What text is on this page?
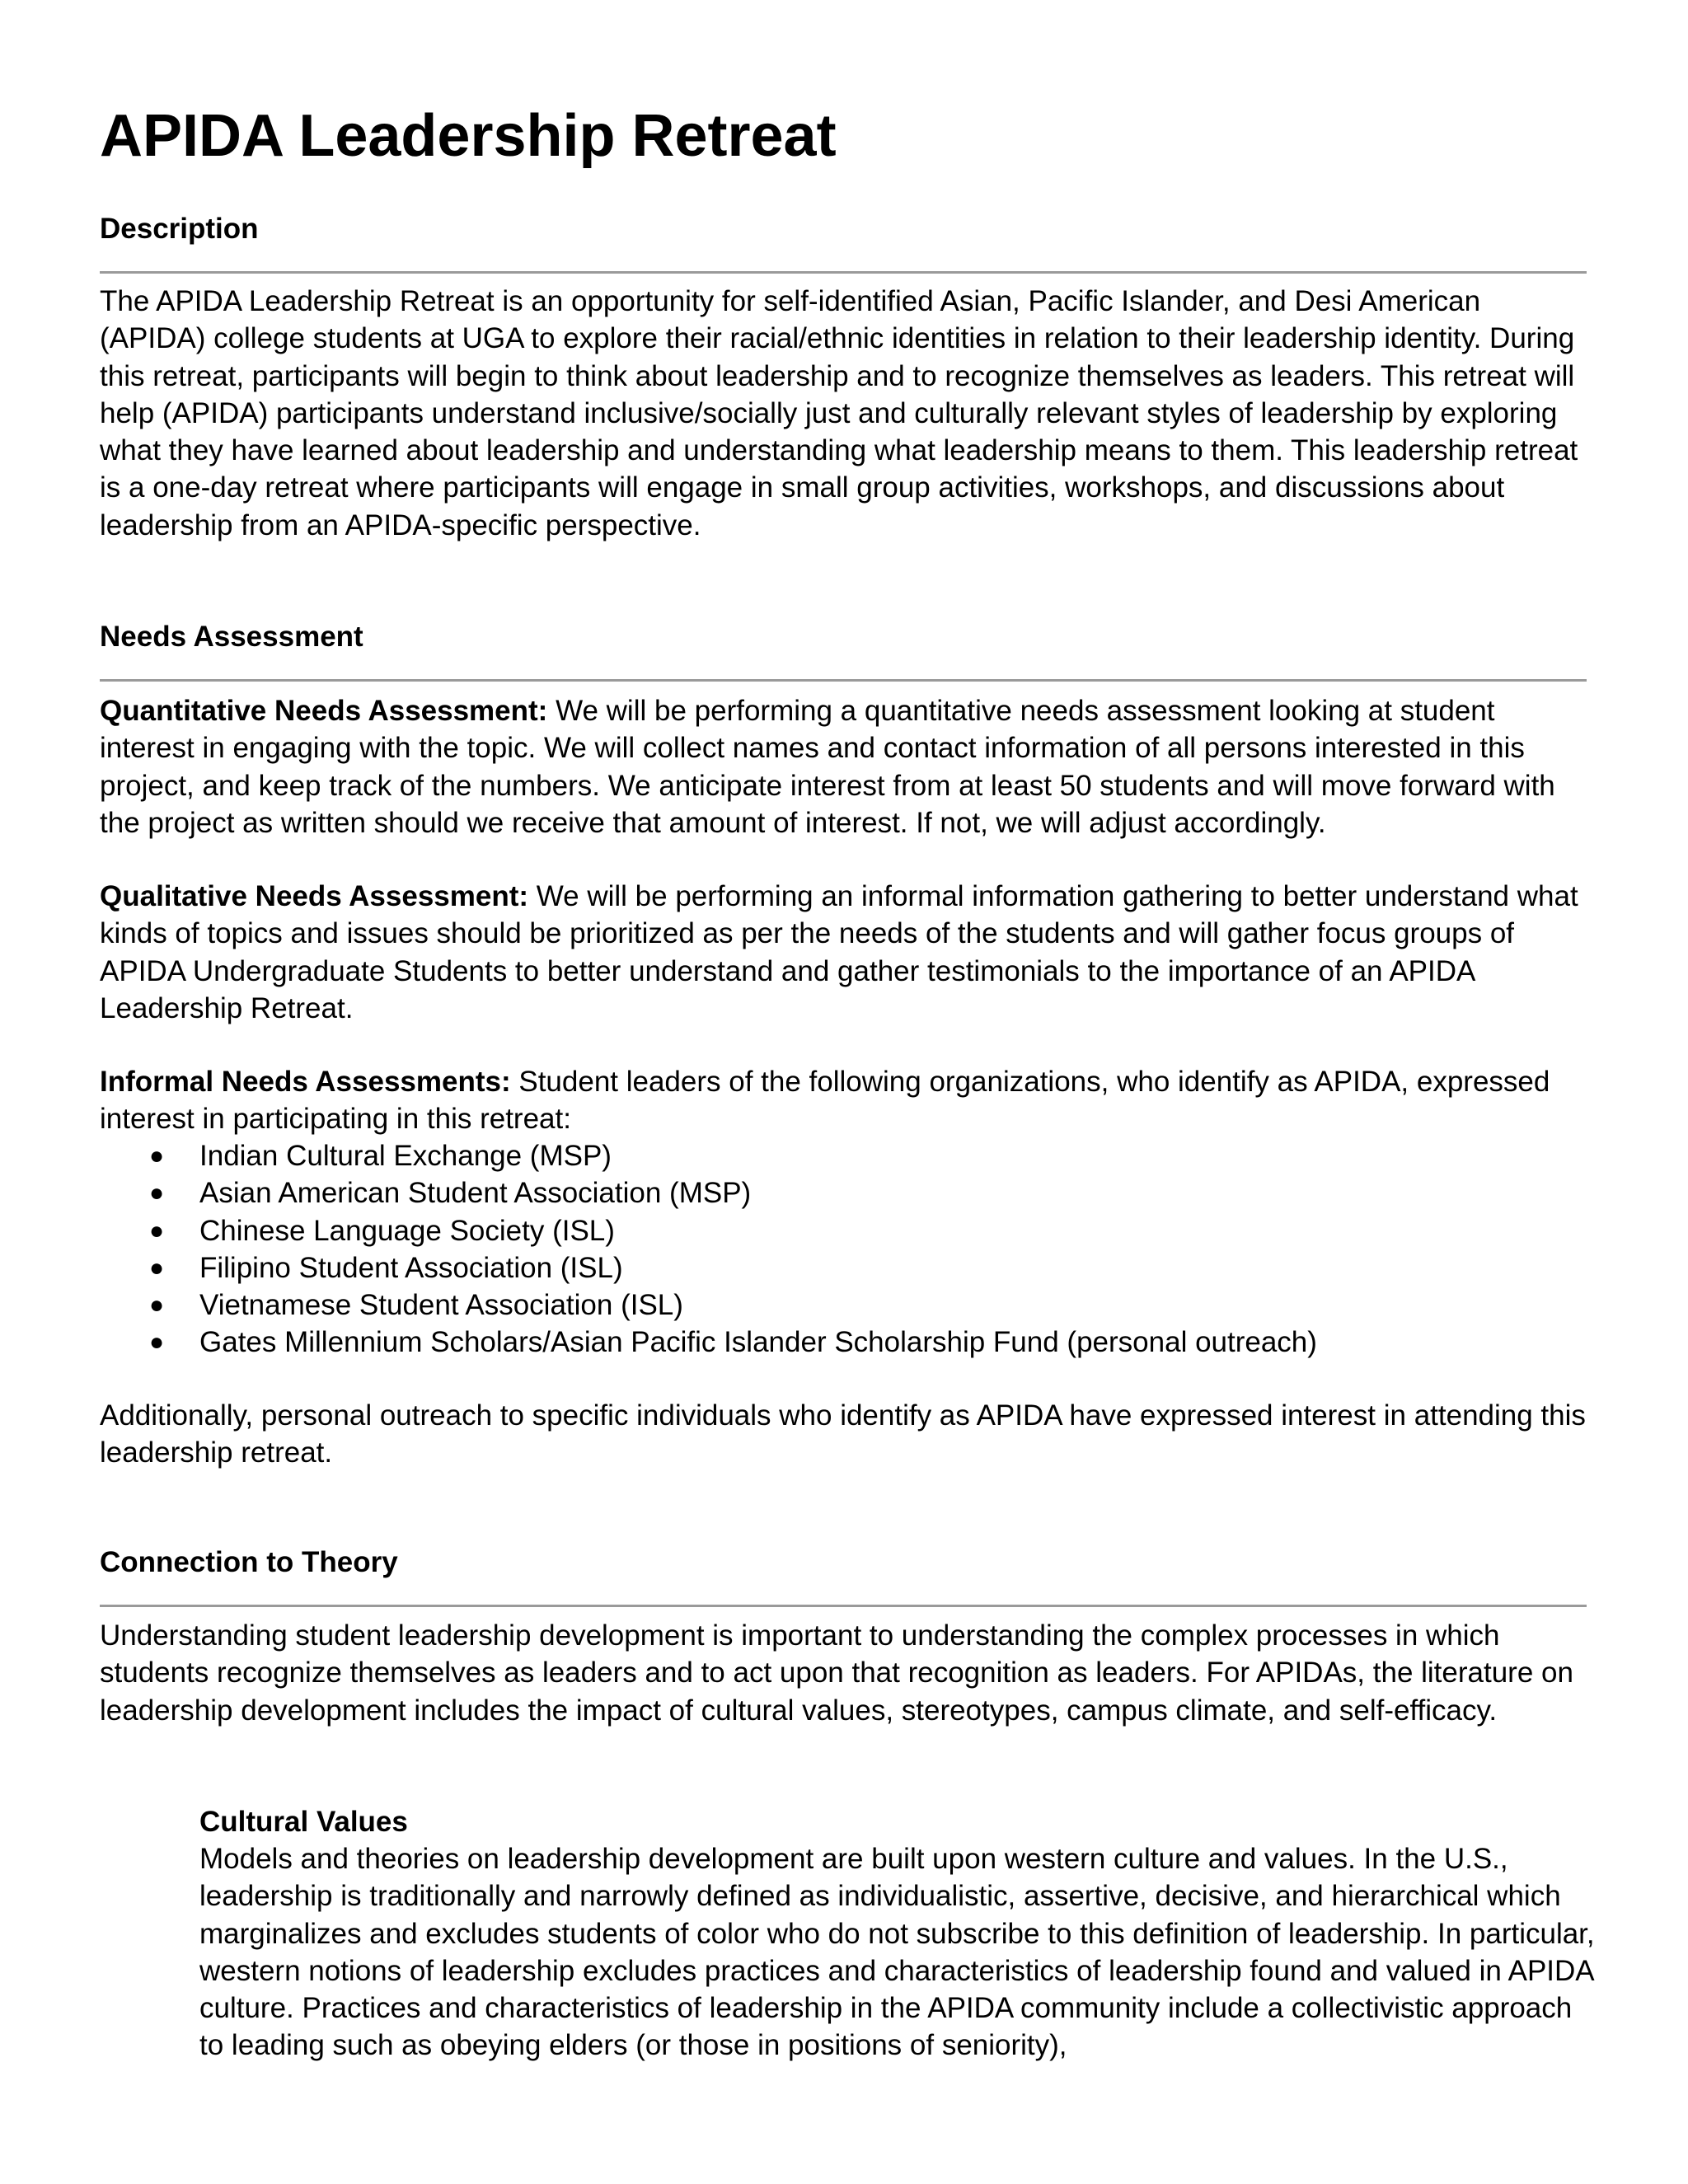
APIDA Leadership Retreat
Description

The APIDA Leadership Retreat is an opportunity for self-identified Asian, Pacific Islander, and Desi American (APIDA) college students at UGA to explore their racial/ethnic identities in relation to their leadership identity. During this retreat, participants will begin to think about leadership and to recognize themselves as leaders. This retreat will help (APIDA) participants understand inclusive/socially just and culturally relevant styles of leadership by exploring what they have learned about leadership and understanding what leadership means to them. This leadership retreat is a one-day retreat where participants will engage in small group activities, workshops, and discussions about leadership from an APIDA-specific perspective.

Needs Assessment

Quantitative Needs Assessment: We will be performing a quantitative needs assessment looking at student interest in engaging with the topic. We will collect names and contact information of all persons interested in this project, and keep track of the numbers. We anticipate interest from at least 50 students and will move forward with the project as written should we receive that amount of interest. If not, we will adjust accordingly.

Qualitative Needs Assessment: We will be performing an informal information gathering to better understand what kinds of topics and issues should be prioritized as per the needs of the students and will gather focus groups of APIDA Undergraduate Students to better understand and gather testimonials to the importance of an APIDA Leadership Retreat.

Informal Needs Assessments: Student leaders of the following organizations, who identify as APIDA, expressed interest in participating in this retreat:

● Indian Cultural Exchange (MSP)
● Asian American Student Association (MSP)
● Chinese Language Society (ISL)
● Filipino Student Association (ISL)
● Vietnamese Student Association (ISL)
● Gates Millennium Scholars/Asian Pacific Islander Scholarship Fund (personal outreach)

Additionally, personal outreach to specific individuals who identify as APIDA have expressed interest in attending this leadership retreat.

Connection to Theory

Understanding student leadership development is important to understanding the complex processes in which students recognize themselves as leaders and to act upon that recognition as leaders. For APIDAs, the literature on leadership development includes the impact of cultural values, stereotypes, campus climate, and self-efficacy.

Cultural Values

Models and theories on leadership development are built upon western culture and values. In the U.S., leadership is traditionally and narrowly defined as individualistic, assertive, decisive, and hierarchical which marginalizes and excludes students of color who do not subscribe to this definition of leadership. In particular, western notions of leadership excludes practices and characteristics of leadership found and valued in APIDA culture. Practices and characteristics of leadership in the APIDA community include a collectivistic approach to leading such as obeying elders (or those in positions of seniority),
